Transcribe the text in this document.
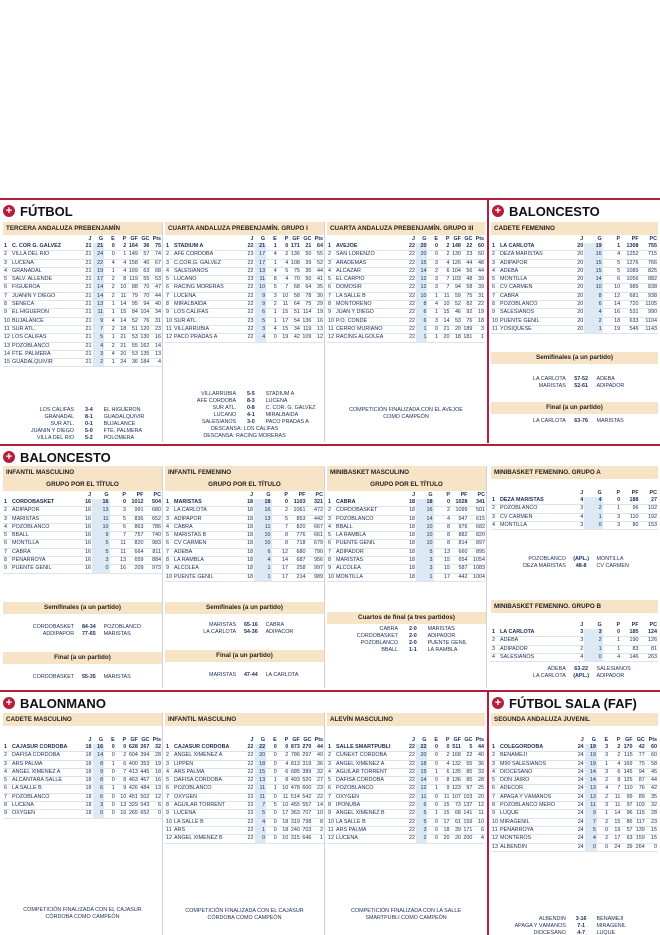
+ FÚTBOL	+ BALONCESTO
TERCERA ANDALUZA PREBENJAMÍN
		J	G	E	P	GF	GC	Pts
1	C. COR G. GÁLVEZ	21	21	0	2	164	36	75
2	VILLA DEL RÍO	21	24	0	1	149	57	74
3	LUCENA	21	22	4	4	158	40	67
4	GRANADAL	21	19	1	4	169	63	68
5	SALV. ALLENDE	21	17	2	8	119	55	53
6	FIGUEROA	21	14	2	10	88	70	47
7	JUANIN Y DIEGO	21	14	2	11	79	70	44
8	SÉNECA	21	13	1	14	95	94	40
9	EL HIGUERÓN	21	11	1	15	84	104	34
10	BUJALANCE	21	9	4	14	52	76	31
11	SUR ATL.	21	7	2	18	51	120	23
12	LOS CALIFAS	21	5	1	21	53	130	16
13	POZOBLANCO	21	4	2	21	55	162	14
14	FTE. PALMERA	21	3	4	20	53	135	13
15	GUADALQUIVIR	21	2	1	24	36	184	4
LOS CALIFAS	3-4	EL HIGUERÓN
GRANADAL	8-1	GUADALQUIVIR
SUR ATL.	0-1	BUJALANCE
JUANIN Y DIEGO	5-0	FTE. PALMERA
VILLA DEL RÍO	5-2	POLOMERA
CUARTA ANDALUZA PREBENJAMÍN. GRUPO I
		J	G	E	P	GF	GC	Pts
1	STADIUM A	22	21	1	0	171	21	64
2	AFE CÓRDOBA	23	17	4	2	136	50	55
3	C.COR.G. GÁLVEZ	22	17	1	4	108	39	52
4	SALESIANOS	22	13	4	5	75	35	44
5	LUCANO	23	11	8	4	70	50	41
6	RACING MORERAS	22	10	5	7	68	64	35
7	LUCENA	22	9	3	10	58	78	30
8	MIRALBAIDA	22	9	2	11	64	75	29
9	LOS CALIFAS	22	6	1	15	51	114	19
10	SUR ATL.	23	5	1	17	54	136	16
11	VILLARRUBIA	22	3	4	15	34	119	13
12	PACO PRADAS A	22	4	0	19	42	109	12
VILLARRUBIA	5-5	STADIUM A
AFE CÓRDOBA	8-3	LUCENA
SUR ATL.	0-8	C. COR. G. GÁLVEZ
LUCANO	4-1	MIRALBAIDA
SALESIANOS	3-0	PACO PRADAS A
DESCANSA: LOS CALIFAS
DESCANSA: RACING MORERAS
CUARTA ANDALUZA PREBENJAMÍN. GRUPO III
		J	G	E	P	GF	GC	Pts
1	AVEJOE	22	20	0	2	148	22	60
2	SAN LORENZO	22	20	0	2	130	23	60
3	ARADEMAS	22	15	3	4	126	44	48
4	ALCÁZAR	22	14	2	6	104	56	44
5	EL CARPIO	22	12	3	7	103	48	39
6	DOMOSIR	22	12	3	7	94	58	39
7	LA SALLE B	22	10	1	11	59	75	31
8	MONTOREÑO	22	8	4	10	52	82	22
9	JUAN Y DIEGO	22	6	1	15	46	92	19
10	P.O. CONDE	22	6	3	14	53	76	18
11	CERRO MURIANO	22	1	0	21	20	189	3
12	RACING ALGOLEA	22	1	1	20	18	181	1
COMPETICIÓN FINALIZADA CON EL AVEJOE COMO CAMPEÓN
CADETE FEMENINO
		J	G	P	PF	PC
1	LA CARLOTA	20	19	1	1308	755
2	DEZA MARISTAS	20	16	4	1252	715
3	ADIPAPOR	20	15	5	1276	766
4	ADEBA	20	15	5	1089	825
5	MONTILLA	20	14	6	1056	882
6	CV CARMEN	20	10	10	989	838
7	CABRA	20	8	12	681	938
8	POZOBLANCO	20	6	14	720	1105
9	SALESIANOS	20	4	16	531	990
10	PUENTE GENIL	20	2	18	633	1104
11	YOSIQUESÉ	20	1	19	546	1143
Semifinales (a un partido)
LA CARLOTA	57-52	ADEBA
MARISTAS	52-61	ADIPADOR
Final (a un partido)
LA CARLOTA	63-76	MARISTAS
+ BALONCESTO
INFANTIL MASCULINO
GRUPO POR EL TÍTULO
		J	G	P	PF	PC
1	CORDOBASKET	16	16	0	1012	504
2	ADIPAPOR	16	13	3	991	680
3	MARISTAS	16	11	5	836	652
4	POZOBLANCO	16	10	6	863	786
5	BBALL	16	9	7	757	740
6	MONTILLA	16	5	11	820	983
7	CABRA	16	5	11	664	811
8	PEÑARROYA	16	3	13	659	884
9	PUENTE GENIL	16	0	16	209	973
Semifinales (a un partido)
CORDOBASKET	84-34	POZOBLANCO
ADDIPAPOR	77-65	MARISTAS
Final (a un partido)
CORDOBASKET	55-35	MARISTAS
INFANTIL FEMENINO
GRUPO POR EL TÍTULO
		J	G	P	PF	PC
1	MARISTAS	18	18	0	1103	321
2	LA CARLOTA	18	16	2	1061	472
3	ADIPAPOR	18	13	5	853	442
4	CABRA	18	11	7	820	667
5	MARISTAS B	18	10	8	776	661
6	CV CARMEN	18	10	8	718	679
7	ADEBA	18	6	12	680	790
8	LA RAMBLA	18	4	14	687	956
9	ALCOLEA	18	1	17	258	997
10	PUENTE GENIL	18	1	17	214	989
Semifinales (a un partido)
MARISTAS	65-16	CABRA
LA CARLOTA	54-36	ADIPACOR
Final (a un partido)
MARISTAS	47-44	LA CARLOTA
MINIBASKET MASCULINO
GRUPO POR EL TÍTULO
		J	G	P	PF	PC
1	CABRA	18	18	0	1028	341
2	CORDOBASKET	18	16	2	1099	501
3	POZOBLANCO	18	14	4	947	615
4	BBALL	18	10	8	976	682
5	LA RAMBLA	18	10	8	882	820
6	PUENTE GENIL	18	10	8	814	897
7	ADIPADOR	18	5	13	660	895
8	MARISTAS	18	3	15	654	1054
9	ALCOLEA	18	3	15	587	1083
10	MONTILLA	18	1	17	442	1004
Cuartos de final (a tres partidos)
CABRA	2-0	MARISTAS
CORDOBASKET	2-0	ADIPADOR
POZOBLANCO	2-0	PUENTE GENIL
BBALL	1-1	LA RAMBLA
MINIBASKET FEMENINO. GRUPO A
		J	G	P	PF	PC
1	DEZA MARISTAS	4	4	0	188	27
2	POZOBLANCO	3	2	1	96	102
3	CV CARMEN	4	1	3	110	192
4	MONTILLA	3	0	3	80	153
POZOBLANCO	(APL.)	MONTILLA
DEZA MARISTAS	48-8	CV CARMEN
MINIBASKET FEMENINO. GRUPO B
		J	G	P	PF	PC
1	LA CARLOTA	3	3	0	185	124
2	ADEBA	3	2	1	190	126
3	ADIPADOR	2	1	1	83	81
4	SALESIANOS	4	0	4	146	263
ADEBA	63-22	SALESIANOS
LA CARLOTA	(APL.)	ADIPADOR
+ BALONMANO	+ FÚTBOL SALA (FAF)
CADETE MASCULINO
		J	G	E	P	GF	GC	Pts
1	CAJASUR CÓRDOBA	18	16	0	0	628	267	32
2	DAFISA CÓRDOBA	18	14	0	2	604	394	28
3	ARS PALMA	18	8	1	6	400	353	19
4	ÁNGEL XIMÉNEZ A	18	9	0	7	413	445	18
5	ALCÁNTARA SALLE	18	8	0	8	463	467	16
6	LA SALLE B	18	6	1	9	426	484	13
7	POZOBLANCO	18	6	0	10	451	502	12
8	LUCENA	18	3	0	13	329	543	6
9	OXYGEN	18	0	0	16	265	652	0
COMPETICIÓN FINALIZADA CON EL CAJASUR CÓRDOBA COMO CAMPEÓN
INFANTIL MASCULINO
		J	G	E	P	GF	GC	Pts
1	CAJASUR CÓRDOBA	22	22	0	0	873	270	44
2	ÁNGEL XIMÉNEZ A	22	20	0	2	786	297	40
3	LIPPEN	22	18	0	4	813	319	36
4	ARS PALMA	22	15	0	6	685	389	32
5	DAFISA CÓRDOBA	22	13	1	8	493	520	27
6	POZOBLANCO	22	11	1	10	478	600	23
7	OXYGEN	22	11	0	11	514	542	22
8	AGUILAR TORRENT	22	7	5	10	455	557	14
9	LUCENA	22	5	0	17	363	707	10
10	LA SALLE B	22	4	0	18	319	738	8
11	ARS	22	1	0	18	240	703	2
12	ÁNGEL XIMÉNEZ B	22	0	0	10	315	646	1
COMPETICIÓN FINALIZADA CON EL CAJASUR CÓRDOBA COMO CAMPEÓN
ALEVÍN MASCULINO
		J	G	E	P	GF	GC	Pts
1	SALLE SMARTPUBLI	22	22	0	0	511	5	44
2	CUNEXT CÓRDOBA	22	20	0	2	168	22	40
3	ÁNGEL XIMÉNEZ A	22	18	0	4	132	55	36
4	AGUILAR TORRENT	22	15	1	6	135	85	33
5	DAFISA CÓRDOBA	22	14	0	8	136	85	28
6	POZOBLANCO	22	12	1	9	123	97	25
7	OXYGEN	22	11	0	11	107	103	20
8	IPONUBA	22	6	0	15	73	137	12
9	ÁNGEL XIMÉNEZ B	22	5	1	15	68	141	11
10	LA SALLE B	22	5	0	17	61	159	10
11	ARS PALMA	22	3	0	18	39	171	6
12	LUCENA	22	2	0	20	20	200	4
COMPETICIÓN FINALIZADA CON LA SALLE SMARTPUBLI COMO CAMPEÓN
SEGUNDA ANDALUZA JUVENIL
		J	G	E	P	GF	GC	Pts
1	COLEGÓRDOBA	24	19	3	2	170	42	60
2	BENAMEJÍ	24	19	3	2	115	77	60
3	M90 SALESIANOS	24	19	1	4	169	75	58
4	DIOCESANO	24	14	3	6	145	94	45
5	DON JAIRO	24	14	2	8	125	87	44
6	ADECOR	24	13	4	7	110	76	42
7	APAGA Y VÁMANOS	24	13	2	11	99	89	35
8	POZOBLANCO MERO	24	11	3	11	97	103	32
9	LUQUE	24	9	1	14	96	115	28
10	MIRAGENIL	24	7	2	15	86	117	23
11	PEÑARROYA	24	5	0	19	57	139	15
12	MONTEROS	24	4	2	17	63	159	15
13	ALBENDÍN	24	0	0	24	39	264	0
ALBENDÍN	3-16	BENAMEJÍ
APAGA Y VÁMANOS	7-1	MIRAGENIL
DIOCESANO	4-7	LUQUE
